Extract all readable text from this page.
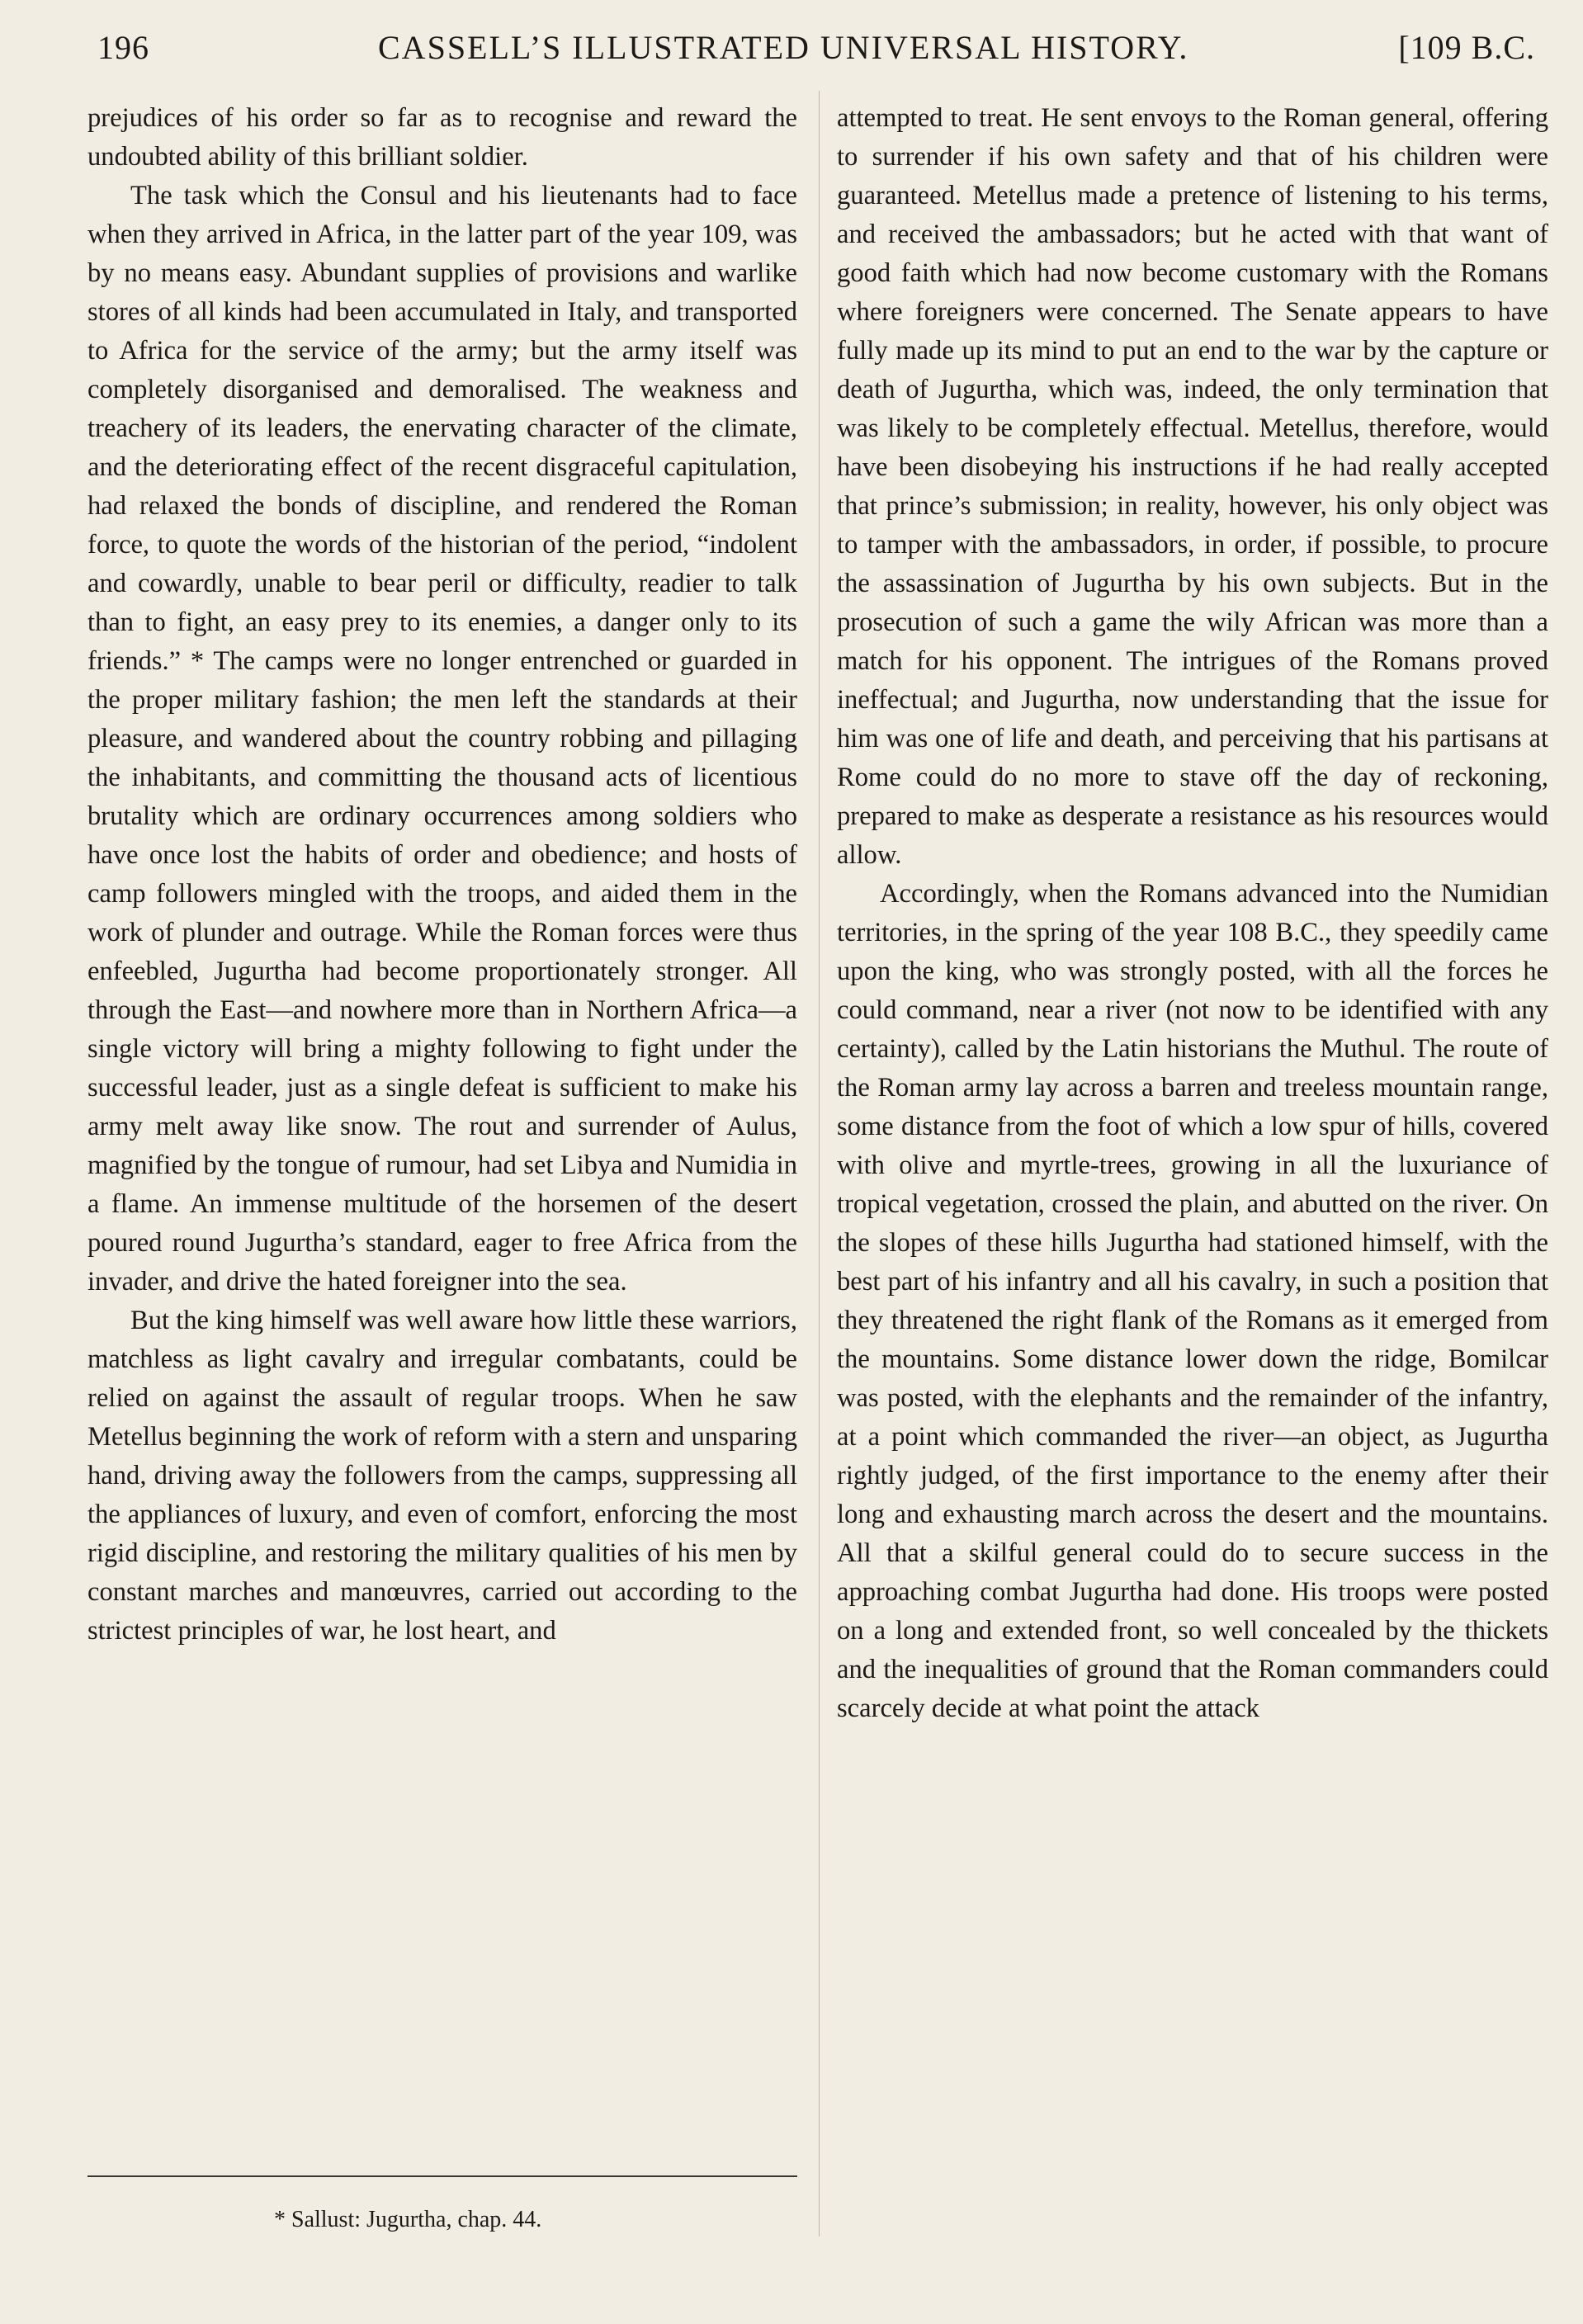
196	CASSELL’S ILLUSTRATED UNIVERSAL HISTORY.	[109 B.C.

prejudices of his order so far as to recognise and reward the undoubted ability of this brilliant soldier.

The task which the Consul and his lieutenants had to face when they arrived in Africa, in the latter part of the year 109, was by no means easy. Abundant supplies of provisions and warlike stores of all kinds had been accumulated in Italy, and transported to Africa for the service of the army; but the army itself was completely disorganised and demoralised. The weakness and treachery of its leaders, the enervating character of the climate, and the deteriorating effect of the recent disgraceful capitulation, had relaxed the bonds of discipline, and rendered the Roman force, to quote the words of the historian of the period, “indolent and cowardly, unable to bear peril or difficulty, readier to talk than to fight, an easy prey to its enemies, a danger only to its friends.” * The camps were no longer entrenched or guarded in the proper military fashion; the men left the standards at their pleasure, and wandered about the country robbing and pillaging the inhabitants, and committing the thousand acts of licentious brutality which are ordinary occurrences among soldiers who have once lost the habits of order and obedience; and hosts of camp followers mingled with the troops, and aided them in the work of plunder and outrage. While the Roman forces were thus enfeebled, Jugurtha had become proportionately stronger. All through the East—and nowhere more than in Northern Africa—a single victory will bring a mighty following to fight under the successful leader, just as a single defeat is sufficient to make his army melt away like snow. The rout and surrender of Aulus, magnified by the tongue of rumour, had set Libya and Numidia in a flame. An immense multitude of the horsemen of the desert poured round Jugurtha’s standard, eager to free Africa from the invader, and drive the hated foreigner into the sea.

But the king himself was well aware how little these warriors, matchless as light cavalry and irregular combatants, could be relied on against the assault of regular troops. When he saw Metellus beginning the work of reform with a stern and unsparing hand, driving away the followers from the camps, suppressing all the appliances of luxury, and even of comfort, enforcing the most rigid discipline, and restoring the military qualities of his men by constant marches and manœuvres, carried out according to the strictest principles of war, he lost heart, and

attempted to treat. He sent envoys to the Roman general, offering to surrender if his own safety and that of his children were guaranteed. Metellus made a pretence of listening to his terms, and received the ambassadors; but he acted with that want of good faith which had now become customary with the Romans where foreigners were concerned. The Senate appears to have fully made up its mind to put an end to the war by the capture or death of Jugurtha, which was, indeed, the only termination that was likely to be completely effectual. Metellus, therefore, would have been disobeying his instructions if he had really accepted that prince’s submission; in reality, however, his only object was to tamper with the ambassadors, in order, if possible, to procure the assassination of Jugurtha by his own subjects. But in the prosecution of such a game the wily African was more than a match for his opponent. The intrigues of the Romans proved ineffectual; and Jugurtha, now understanding that the issue for him was one of life and death, and perceiving that his partisans at Rome could do no more to stave off the day of reckoning, prepared to make as desperate a resistance as his resources would allow.

Accordingly, when the Romans advanced into the Numidian territories, in the spring of the year 108 B.C., they speedily came upon the king, who was strongly posted, with all the forces he could command, near a river (not now to be identified with any certainty), called by the Latin historians the Muthul. The route of the Roman army lay across a barren and treeless mountain range, some distance from the foot of which a low spur of hills, covered with olive and myrtle-trees, growing in all the luxuriance of tropical vegetation, crossed the plain, and abutted on the river. On the slopes of these hills Jugurtha had stationed himself, with the best part of his infantry and all his cavalry, in such a position that they threatened the right flank of the Romans as it emerged from the mountains. Some distance lower down the ridge, Bomilcar was posted, with the elephants and the remainder of the infantry, at a point which commanded the river—an object, as Jugurtha rightly judged, of the first importance to the enemy after their long and exhausting march across the desert and the mountains. All that a skilful general could do to secure success in the approaching combat Jugurtha had done. His troops were posted on a long and extended front, so well concealed by the thickets and the inequalities of ground that the Roman commanders could scarcely decide at what point the attack

* Sallust: Jugurtha, chap. 44.
